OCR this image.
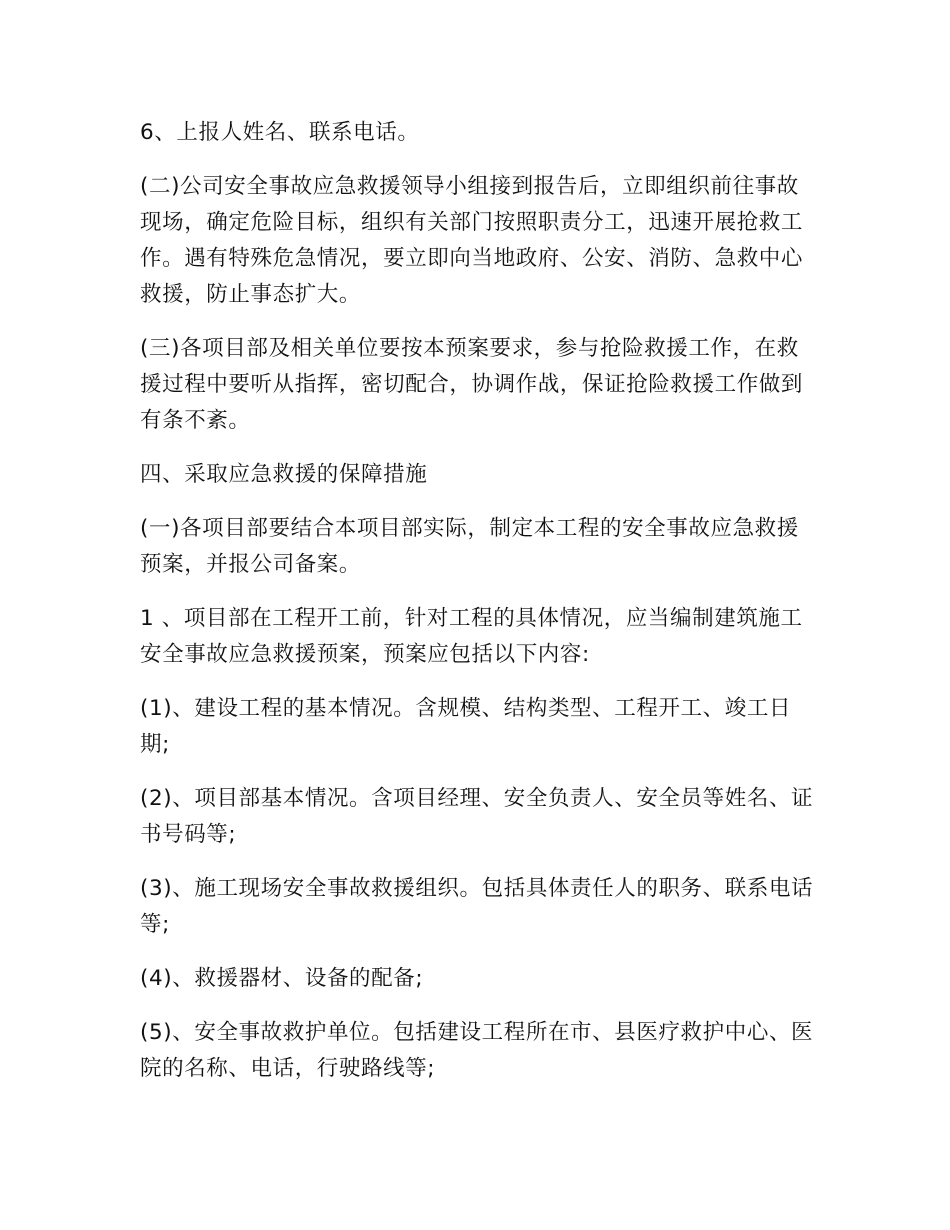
6、上报人姓名、联系电话。

(二)公司安全事故应急救援领导小组接到报告后，立即组织前往事故现场，确定危险目标，组织有关部门按照职责分工，迅速开展抢救工作。遇有特殊危急情况，要立即向当地政府、公安、消防、急救中心救援，防止事态扩大。

(三)各项目部及相关单位要按本预案要求，参与抢险救援工作，在救援过程中要听从指挥，密切配合，协调作战，保证抢险救援工作做到有条不紊。

四、采取应急救援的保障措施

(一)各项目部要结合本项目部实际，制定本工程的安全事故应急救援预案，并报公司备案。

1 、项目部在工程开工前，针对工程的具体情况，应当编制建筑施工安全事故应急救援预案，预案应包括以下内容:

(1)、建设工程的基本情况。含规模、结构类型、工程开工、竣工日期;

(2)、项目部基本情况。含项目经理、安全负责人、安全员等姓名、证书号码等;

(3)、施工现场安全事故救援组织。包括具体责任人的职务、联系电话等;

(4)、救援器材、设备的配备;

(5)、安全事故救护单位。包括建设工程所在市、县医疗救护中心、医院的名称、电话，行驶路线等;
